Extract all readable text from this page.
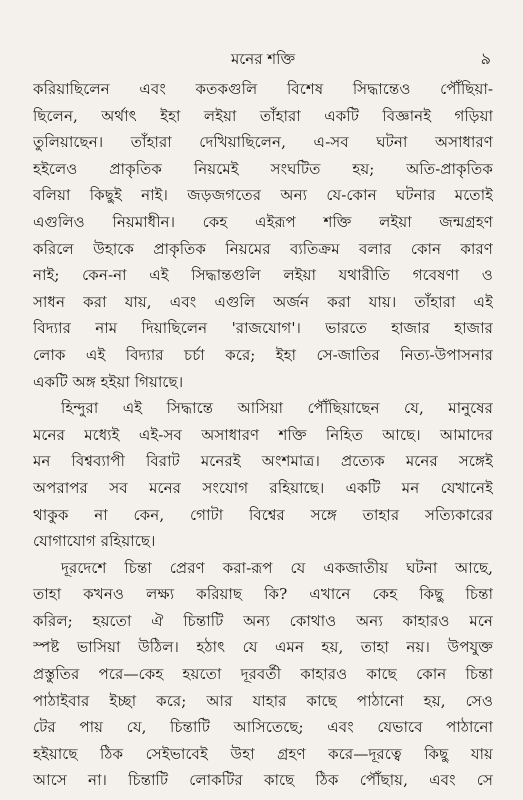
মনের শক্তি	৯

করিয়াছিলেন এবং কতকগুলি বিশেষ সিদ্ধান্তেও পৌঁছিয়া-
ছিলেন, অর্থাৎ ইহা লইয়া তাঁহারা একটি বিজ্ঞানই গড়িয়া
তুলিয়াছেন। তাঁহারা দেখিয়াছিলেন, এ-সব ঘটনা অসাধারণ
হইলেও প্রাকৃতিক নিয়মেই সংঘটিত হয়; অতি-প্রাকৃতিক
বলিয়া কিছুই নাই। জড়জগতের অন্য যে-কোন ঘটনার মতোই
এগুলিও নিয়মাধীন। কেহ এইরূপ শক্তি লইয়া জন্মগ্রহণ
করিলে উহাকে প্রাকৃতিক নিয়মের ব্যতিক্রম বলার কোন কারণ
নাই; কেন-না এই সিদ্ধান্তগুলি লইয়া যথারীতি গবেষণা ও
সাধন করা যায়, এবং এগুলি অর্জন করা যায়। তাঁহারা এই
বিদ্যার নাম দিয়াছিলেন 'রাজযোগ'। ভারতে হাজার হাজার
লোক এই বিদ্যার চর্চা করে; ইহা সে-জাতির নিত্য-উপাসনার
একটি অঙ্গ হইয়া গিয়াছে।

হিন্দুরা এই সিদ্ধান্তে আসিয়া পৌঁছিয়াছেন যে, মানুষের
মনের মধ্যেই এই-সব অসাধারণ শক্তি নিহিত আছে। আমাদের
মন বিশ্বব্যাপী বিরাট মনেরই অংশমাত্র। প্রত্যেক মনের সঙ্গেই
অপরাপর সব মনের সংযোগ রহিয়াছে। একটি মন যেখানেই
থাকুক না কেন, গোটা বিশ্বের সঙ্গে তাহার সত্যিকারের
যোগাযোগ রহিয়াছে।

দূরদেশে চিন্তা প্রেরণ করা-রূপ যে একজাতীয় ঘটনা আছে,
তাহা কখনও লক্ষ্য করিয়াছ কি? এখানে কেহ কিছু চিন্তা
করিল; হয়তো ঐ চিন্তাটি অন্য কোথাও অন্য কাহারও মনে
স্পষ্ট ভাসিয়া উঠিল। হঠাৎ যে এমন হয়, তাহা নয়। উপযুক্ত
প্রস্তুতির পরে—কেহ হয়তো দূরবর্তী কাহারও কাছে কোন চিন্তা
পাঠাইবার ইচ্ছা করে; আর যাহার কাছে পাঠানো হয়, সেও
টের পায় যে, চিন্তাটি আসিতেছে; এবং যেভাবে পাঠানো
হইয়াছে ঠিক সেইভাবেই উহা গ্রহণ করে—দূরত্বে কিছু যায়
আসে না। চিন্তাটি লোকটির কাছে ঠিক পৌঁছায়, এবং সে
